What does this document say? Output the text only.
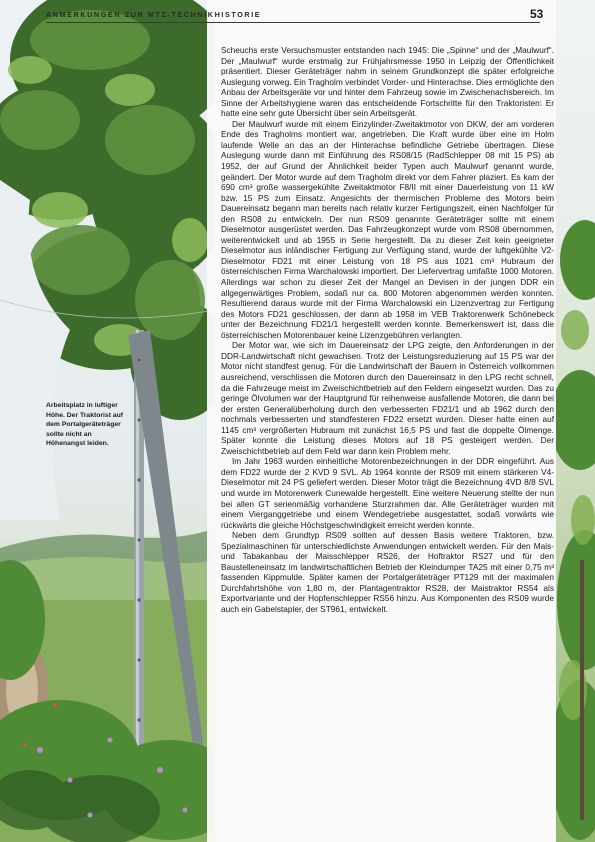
ANMERKUNGEN ZUR MTZ-TECHNIKHISTORIE	53
Arbeitsplatz in luftiger Höhe. Der Traktorist auf dem Portalgeräteträger sollte nicht an Höhenangst leiden.

Scheuchs erste Versuchsmuster entstanden nach 1945: Die „Spinne“ und der „Maulwurf“. Der „Maulwurf“ wurde erstmalig zur Frühjahrsmesse 1950 in Leipzig der Öffentlichkeit präsentiert. Dieser Geräteträger nahm in seinem Grundkonzept die später erfolgreiche Auslegung vorweg. Ein Tragholm verbindet Vorder- und Hinterachse. Dies ermöglichte den Anbau der Arbeitsgeräte vor und hinter dem Fahrzeug sowie im Zwischenachsbereich. Im Sinne der Arbeitshygiene waren das entscheidende Fortschritte für den Traktoristen: Er hatte eine sehr gute Übersicht über sein Arbeitsgerät.

Der Maulwurf wurde mit einem Einzylinder-Zweitaktmotor von DKW, der am vorderen Ende des Tragholms montiert war, angetrieben. Die Kraft wurde über eine im Holm laufende Welle an das an der Hinterachse befindliche Getriebe übertragen. Diese Auslegung wurde dann mit Einführung des RS08/15 (RadSchlepper 08 mit 15 PS) ab 1952, der auf Grund der Ähnlichkeit beider Typen auch Maulwurf genannt wurde, geändert. Der Motor wurde auf dem Tragholm direkt vor dem Fahrer plaziert. Es kam der 690 cm³ große wassergekühlte Zweitaktmotor F8/II mit einer Dauerleistung von 11 kW bzw. 15 PS zum Einsatz. Angesichts der thermischen Probleme des Motors beim Dauereinsatz begann man bereits nach relativ kurzer Fertigungszeit, einen Nachfolger für den RS08 zu entwickeln. Der nun RS09 genannte Geräteträger sollte mit einem Dieselmotor ausgerüstet werden. Das Fahrzeugkonzept wurde vom RS08 übernommen, weiterentwickelt und ab 1955 in Serie hergestellt. Da zu dieser Zeit kein geeigneter Dieselmotor aus inländischer Fertigung zur Verfügung stand, wurde der luftgekühlte V2-Dieselmotor FD21 mit einer Leistung von 18 PS aus 1021 cm³ Hubraum der österreichischen Firma Warchalowski importiert. Der Liefervertrag umfaßte 1000 Motoren. Allerdings war schon zu dieser Zeit der Mangel an Devisen in der jungen DDR ein allgegenwärtiges Problem, sodaß nur ca. 800 Motoren abgenommen werden konnten. Resultierend daraus wurde mit der Firma Warchalowski ein Lizenzvertrag zur Fertigung des Motors FD21 geschlossen, der dann ab 1958 im VEB Traktorenwerk Schönebeck unter der Bezeichnung FD21/1 hergestellt werden konnte. Bemerkenswert ist, dass die österreichischen Motorenbauer keine Lizenzgebühren verlangten.

Der Motor war, wie sich im Dauereinsatz der LPG zeigte, den Anforderungen in der DDR-Landwirtschaft nicht gewachsen. Trotz der Leistungsreduzierung auf 15 PS war der Motor nicht standfest genug. Für die Landwirtschaft der Bauern in Österreich vollkommen ausreichend, verschlissen die Motoren durch den Dauereinsatz in den LPG recht schnell, da die Fahrzeuge meist im Zweischichtbetrieb auf den Feldern eingesetzt wurden. Das zu geringe Ölvolumen war der Hauptgrund für reihenweise ausfallende Motoren, die dann bei der ersten Generalüberholung durch den verbesserten FD21/1 und ab 1962 durch den nochmals verbesserten und standfesteren FD22 ersetzt wurden. Dieser hatte einen auf 1145 cm³ vergrößerten Hubraum mit zunächst 16,5 PS und fast die doppelte Ölmenge. Später konnte die Leistung dieses Motors auf 18 PS gesteigert werden. Der Zweischichtbetrieb auf dem Feld war dann kein Problem mehr.

Im Jahr 1963 wurden einheitliche Motorenbezeichnungen in der DDR eingeführt. Aus dem FD22 wurde der 2 KVD 9 SVL. Ab 1964 konnte der RS09 mit einem stärkeren V4-Dieselmotor mit 24 PS geliefert werden. Dieser Motor trägt die Bezeichnung 4VD 8/8 SVL und wurde im Motorenwerk Cunewalde hergestellt. Eine weitere Neuerung stellte der nun bei allen GT serienmäßig vorhandene Sturzrahmen dar. Alle Geräteträger wurden mit einem Vierganggetriebe und einem Wendegetriebe ausgestattet, sodaß vorwärts wie rückwärts die gleiche Höchstgeschwindigkeit erreicht werden konnte.

Neben dem Grundtyp RS09 sollten auf dessen Basis weitere Traktoren, bzw. Spezialmaschinen für unterschiedlichste Anwendungen entwickelt werden. Für den Mais- und Tabakanbau der Maisschlepper RS26, der Hoftraktor RS27 und für den Baustelleneinsatz im landwirtschaftlichen Betrieb der Kleindumper TA25 mit einer 0,75 m³ fassenden Kippmulde. Später kamen der Portalgeräteträger PT129 mit der maximalen Durchfahrtshöhe von 1,80 m, der Plantagentraktor RS28, der Maistraktor RS54 als Exportvariante und der Hopfenschlepper RS56 hinzu. Aus Komponenten des RS09 wurde auch ein Gabelstapler, der ST961, entwickelt.
